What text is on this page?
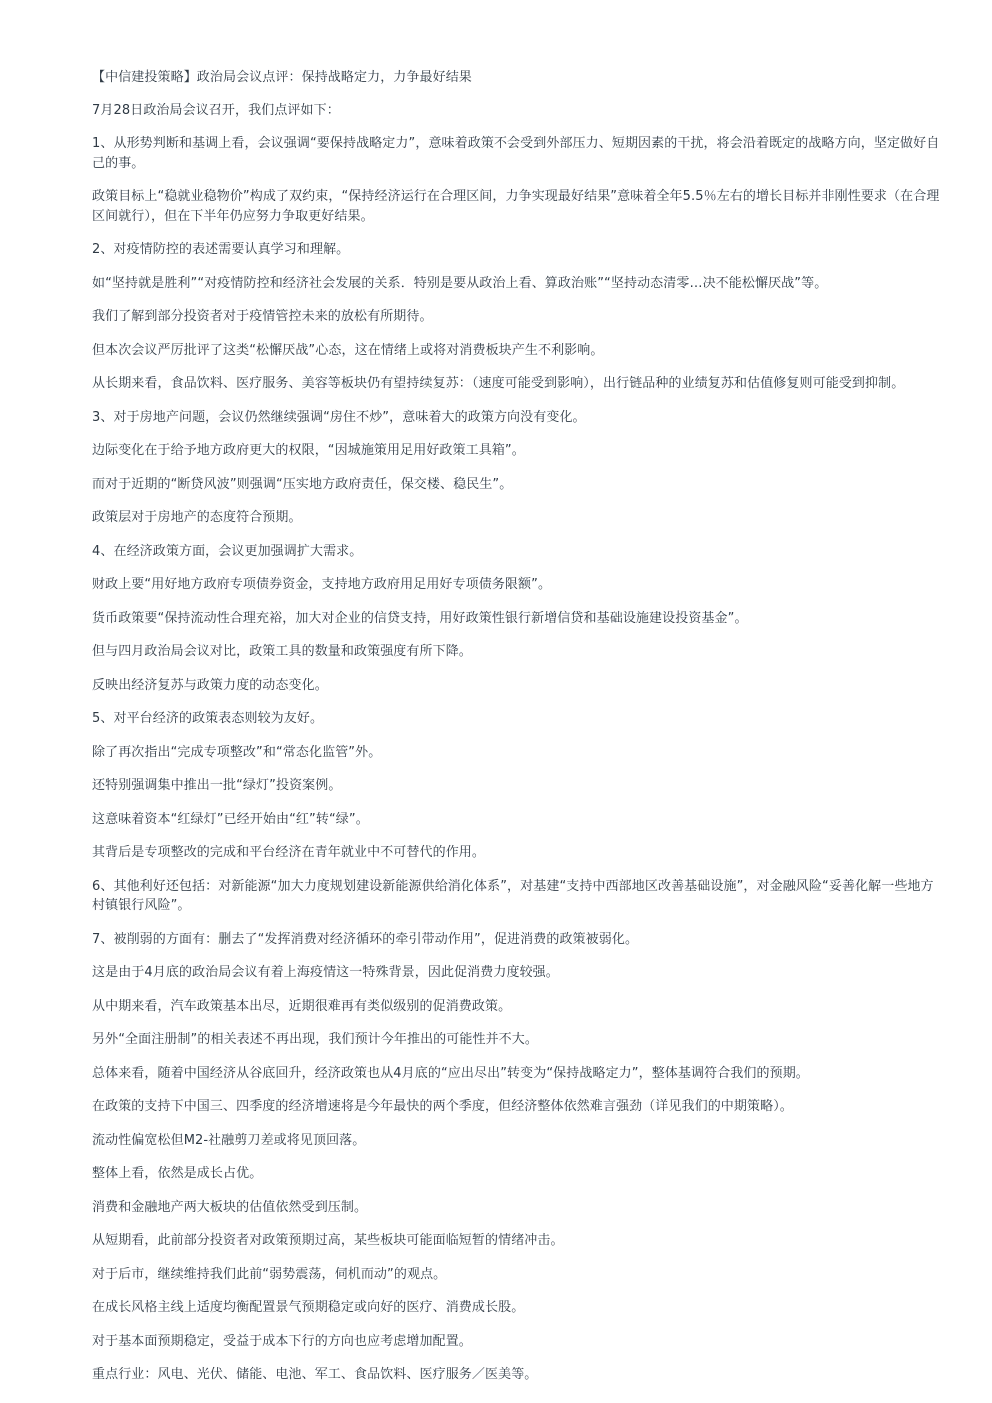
【中信建投策略】政治局会议点评：保持战略定力，力争最好结果

7月28日政治局会议召开，我们点评如下：

1、从形势判断和基调上看，会议强调“要保持战略定力”，意味着政策不会受到外部压力、短期因素的干扰，将会沿着既定的战略方向，坚定做好自己的事。

政策目标上“稳就业稳物价”构成了双约束，“保持经济运行在合理区间，力争实现最好结果”意味着全年5.5％左右的增长目标并非刚性要求（在合理区间就行），但在下半年仍应努力争取更好结果。

2、对疫情防控的表述需要认真学习和理解。

如“坚持就是胜利”“对疫情防控和经济社会发展的关系．特别是要从政治上看、算政治账”“坚持动态清零…决不能松懈厌战”等。

我们了解到部分投资者对于疫情管控未来的放松有所期待。

但本次会议严厉批评了这类“松懈厌战”心态，这在情绪上或将对消费板块产生不利影响。

从长期来看，食品饮料、医疗服务、美容等板块仍有望持续复苏：（速度可能受到影响），出行链品种的业绩复苏和估值修复则可能受到抑制。

3、对于房地产问题，会议仍然继续强调“房住不炒”，意味着大的政策方向没有变化。

边际变化在于给予地方政府更大的权限，“因城施策用足用好政策工具箱”。

而对于近期的“断贷风波”则强调“压实地方政府责任，保交楼、稳民生”。

政策层对于房地产的态度符合预期。

4、在经济政策方面，会议更加强调扩大需求。

财政上要“用好地方政府专项债券资金，支持地方政府用足用好专项债务限额”。

货币政策要“保持流动性合理充裕，加大对企业的信贷支持，用好政策性银行新增信贷和基础设施建设投资基金”。

但与四月政治局会议对比，政策工具的数量和政策强度有所下降。

反映出经济复苏与政策力度的动态变化。

5、对平台经济的政策表态则较为友好。

除了再次指出“完成专项整改”和“常态化监管”外。

还特别强调集中推出一批“绿灯”投资案例。

这意味着资本“红绿灯”已经开始由“红”转“绿”。

其背后是专项整改的完成和平台经济在青年就业中不可替代的作用。

6、其他利好还包括：对新能源“加大力度规划建设新能源供给消化体系”，对基建“支持中西部地区改善基础设施”，对金融风险“妥善化解一些地方村镇银行风险”。

7、被削弱的方面有：删去了“发挥消费对经济循环的牵引带动作用”，促进消费的政策被弱化。

这是由于4月底的政治局会议有着上海疫情这一特殊背景，因此促消费力度较强。

从中期来看，汽车政策基本出尽，近期很难再有类似级别的促消费政策。

另外“全面注册制”的相关表述不再出现，我们预计今年推出的可能性并不大。

总体来看，随着中国经济从谷底回升，经济政策也从4月底的“应出尽出”转变为“保持战略定力”，整体基调符合我们的预期。

在政策的支持下中国三、四季度的经济增速将是今年最快的两个季度，但经济整体依然难言强劲（详见我们的中期策略）。

流动性偏宽松但M2-社融剪刀差或将见顶回落。

整体上看，依然是成长占优。

消费和金融地产两大板块的估值依然受到压制。

从短期看，此前部分投资者对政策预期过高，某些板块可能面临短暂的情绪冲击。

对于后市，继续维持我们此前“弱势震荡，伺机而动”的观点。

在成长风格主线上适度均衡配置景气预期稳定或向好的医疗、消费成长股。

对于基本面预期稳定，受益于成本下行的方向也应考虑增加配置。

重点行业：风电、光伏、储能、电池、军工、食品饮料、医疗服务／医美等。
